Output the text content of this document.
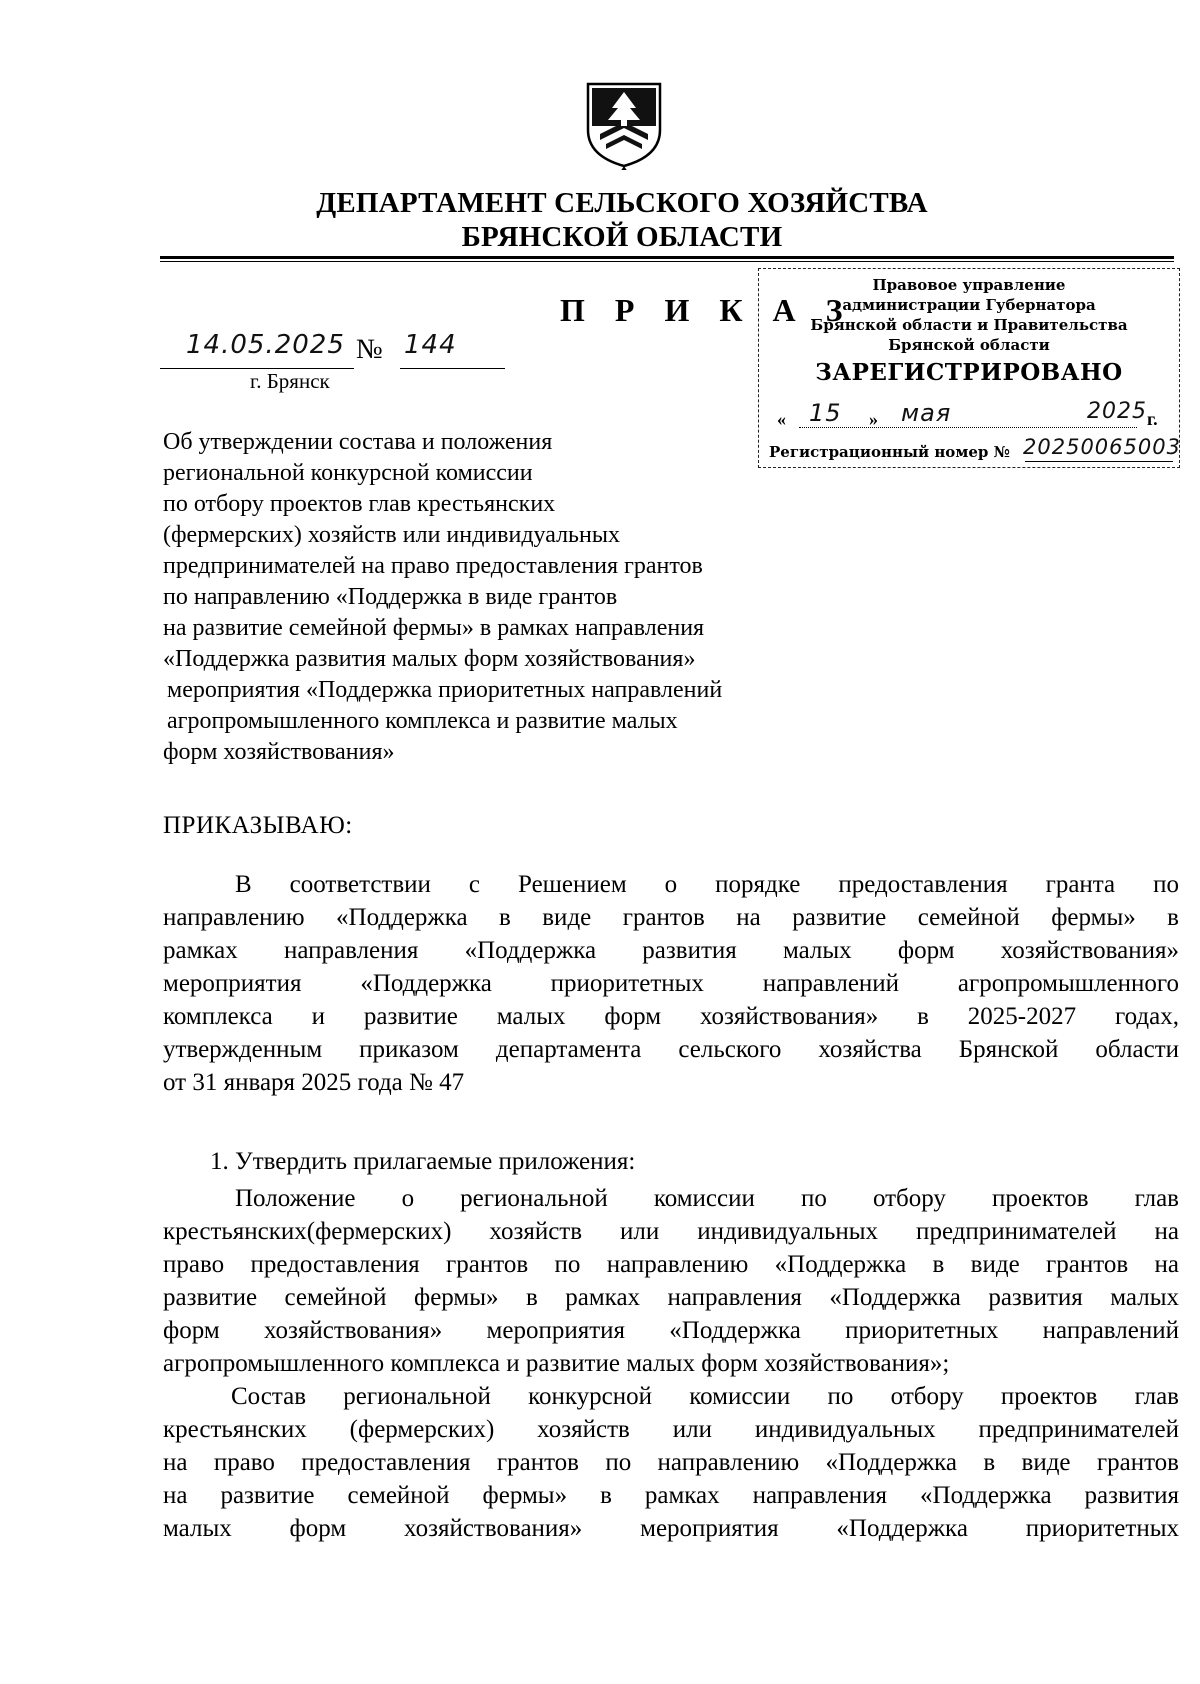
ДЕПАРТАМЕНТ СЕЛЬСКОГО ХОЗЯЙСТВА
БРЯНСКОЙ ОБЛАСТИ
П Р И К А З
14.05.2025 № 144
г. Брянск
Правовое управление
администрации Губернатора
Брянской области и Правительства
Брянской области
ЗАРЕГИСТРИРОВАНО
« 15 » мая	2025 г.
Регистрационный номер № 20250065003
Об утверждении состава и положения
региональной конкурсной комиссии
по отбору проектов глав крестьянских
(фермерских) хозяйств или индивидуальных
предпринимателей на право предоставления грантов
по направлению «Поддержка в виде грантов
на развитие семейной фермы» в рамках направления
«Поддержка развития малых форм хозяйствования»
мероприятия «Поддержка приоритетных направлений
агропромышленного комплекса и развитие малых
форм хозяйствования»
ПРИКАЗЫВАЮ:
В соответствии с Решением о порядке предоставления гранта по
направлению «Поддержка в виде грантов на развитие семейной фермы» в
рамках направления «Поддержка развития малых форм хозяйствования»
мероприятия «Поддержка приоритетных направлений агропромышленного
комплекса и развитие малых форм хозяйствования» в 2025-2027 годах,
утвержденным приказом департамента сельского хозяйства Брянской области
от 31 января 2025 года № 47
1. Утвердить прилагаемые приложения:
Положение о региональной комиссии по отбору проектов глав
крестьянских(фермерских) хозяйств или индивидуальных предпринимателей на
право предоставления грантов по направлению «Поддержка в виде грантов на
развитие семейной фермы» в рамках направления «Поддержка развития малых
форм хозяйствования» мероприятия «Поддержка приоритетных направлений
агропромышленного комплекса и развитие малых форм хозяйствования»;
Состав региональной конкурсной комиссии по отбору проектов глав
крестьянских (фермерских) хозяйств или индивидуальных предпринимателей
на право предоставления грантов по направлению «Поддержка в виде грантов
на развитие семейной фермы» в рамках направления «Поддержка развития
малых форм хозяйствования» мероприятия «Поддержка приоритетных
